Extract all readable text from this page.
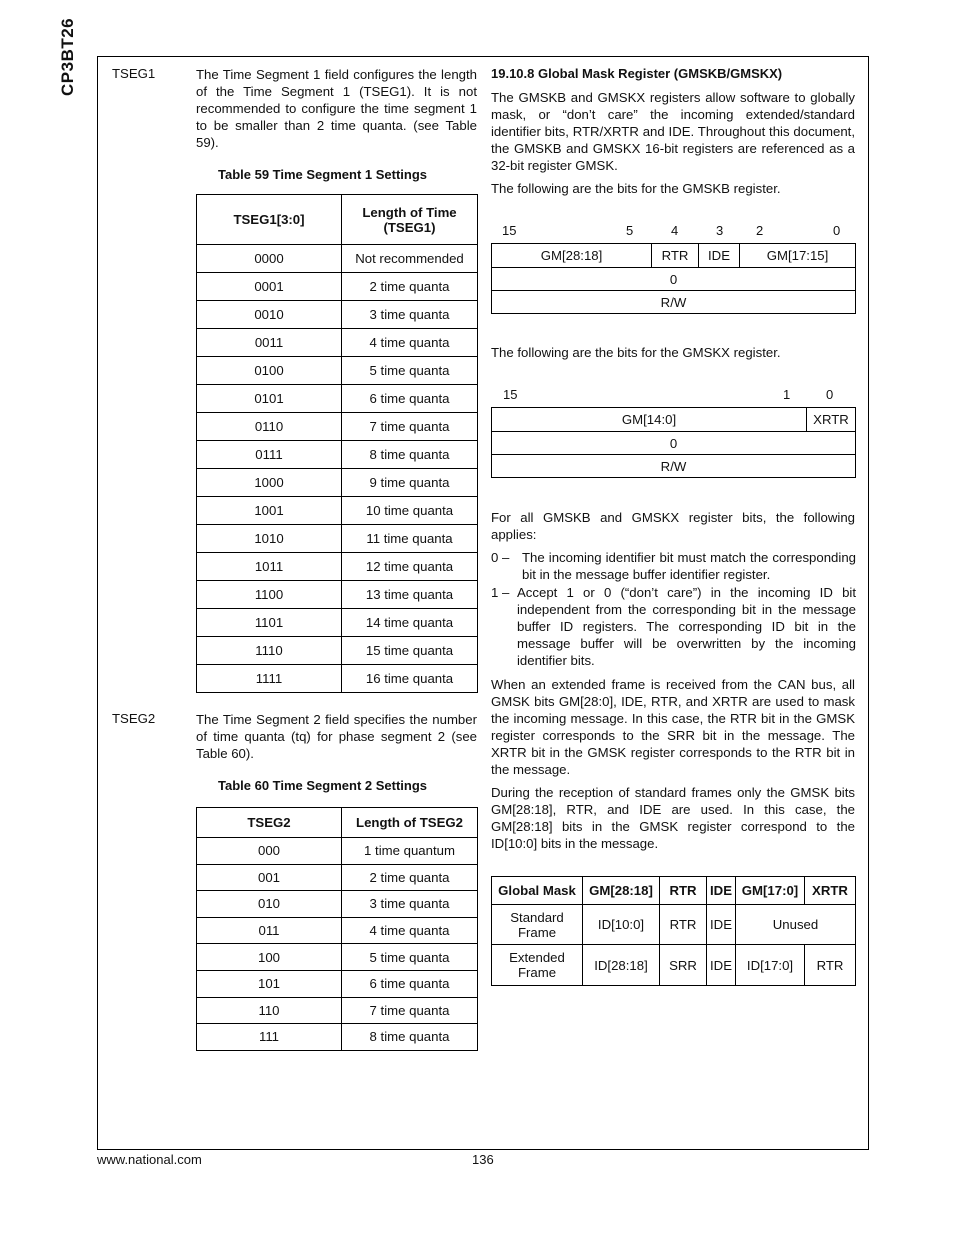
CP3BT26	TSEG1	The Time Segment 1 field configures the length of the Time Segment 1 (TSEG1). It is not recommended to configure the time segment 1 to be smaller than 2 time quanta. (see Table 59).
Table 59 Time Segment 1 Settings
TSEG1[3:0]	Length of Time (TSEG1)
0000	Not recommended
0001	2 time quanta
0010	3 time quanta
0011	4 time quanta
0100	5 time quanta
0101	6 time quanta
0110	7 time quanta
0111	8 time quanta
1000	9 time quanta
1001	10 time quanta
1010	11 time quanta
1011	12 time quanta
1100	13 time quanta
1101	14 time quanta
1110	15 time quanta
1111	16 time quanta
TSEG2	The Time Segment 2 field specifies the number of time quanta (tq) for phase segment 2 (see Table 60).
Table 60 Time Segment 2 Settings
TSEG2	Length of TSEG2
000	1 time quantum
001	2 time quanta
010	3 time quanta
011	4 time quanta
100	5 time quanta
101	6 time quanta
110	7 time quanta
111	8 time quanta
19.10.8 Global Mask Register (GMSKB/GMSKX)
The GMSKB and GMSKX registers allow software to globally mask, or “don’t care” the incoming extended/standard identifier bits, RTR/XRTR and IDE. Throughout this document, the GMSKB and GMSKX 16-bit registers are referenced as a 32-bit register GMSK.
The following are the bits for the GMSKB register.
15	5	4	3	2	0
GM[28:18]	RTR	IDE	GM[17:15]
0
R/W
The following are the bits for the GMSKX register.
15	1	0
GM[14:0]	XRTR
0
R/W
For all GMSKB and GMSKX register bits, the following applies:
0 – The incoming identifier bit must match the corresponding bit in the message buffer identifier register.
1 – Accept 1 or 0 (“don’t care”) in the incoming ID bit independent from the corresponding bit in the message buffer ID registers. The corresponding ID bit in the message buffer will be overwritten by the incoming identifier bits.
When an extended frame is received from the CAN bus, all GMSK bits GM[28:0], IDE, RTR, and XRTR are used to mask the incoming message. In this case, the RTR bit in the GMSK register corresponds to the SRR bit in the message. The XRTR bit in the GMSK register corresponds to the RTR bit in the message.
During the reception of standard frames only the GMSK bits GM[28:18], RTR, and IDE are used. In this case, the GM[28:18] bits in the GMSK register correspond to the ID[10:0] bits in the message.
Global Mask	GM[28:18]	RTR	IDE	GM[17:0]	XRTR
Standard Frame	ID[10:0]	RTR	IDE	Unused	
Extended Frame	ID[28:18]	SRR	IDE	ID[17:0]	RTR
www.national.com	136
